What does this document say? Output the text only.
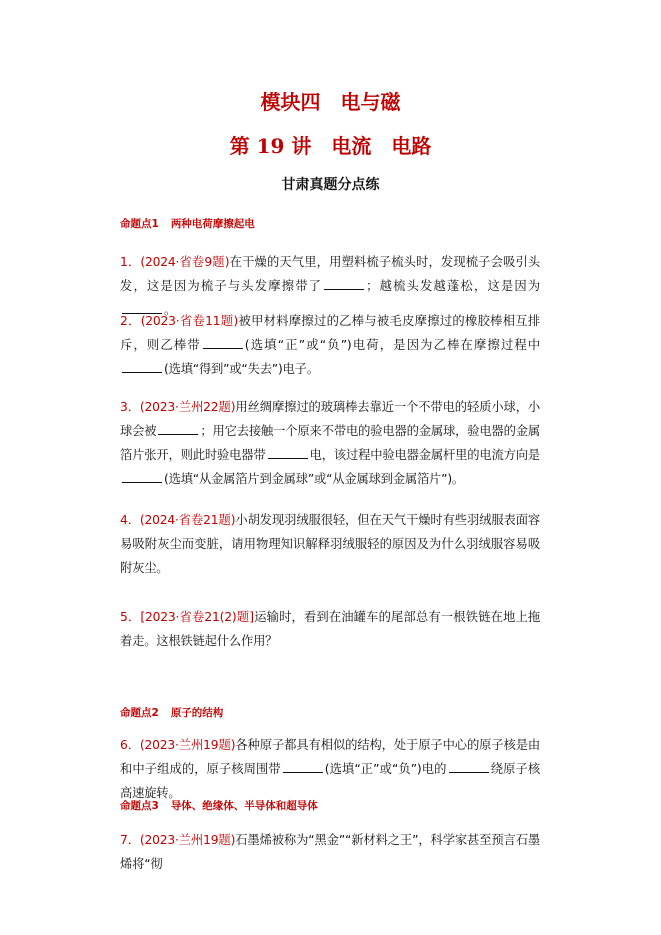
模块四　电与磁
第 19 讲　电流　电路
甘肃真题分点练
命题点1 两种电荷摩擦起电
1．(2024·省卷9题)在干燥的天气里，用塑料梳子梳头时，发现梳子会吸引头发，这是因为梳子与头发摩擦带了	；越梳头发越蓬松，这是因为。
2．(2023·省卷11题)被甲材料摩擦过的乙棒与被毛皮摩擦过的橡胶棒相互排斥，则乙棒带	(选填“正”或“负”)电荷，是因为乙棒在摩擦过程中(选填“得到”或“失去”)电子。
3．(2023·兰州22题)用丝绸摩擦过的玻璃棒去靠近一个不带电的轻质小球，小球会被	；用它去接触一个原来不带电的验电器的金属球，验电器的金属箔片张开，则此时验电器带	电，该过程中验电器金属杆里的电流方向是(选填“从金属箔片到金属球”或“从金属球到金属箔片”)。
4．(2024·省卷21题)小胡发现羽绒服很轻，但在天气干燥时有些羽绒服表面容易吸附灰尘而变脏，请用物理知识解释羽绒服轻的原因及为什么羽绒服容易吸附灰尘。
5．[2023·省卷21(2)题]运输时，看到在油罐车的尾部总有一根铁链在地上拖着走。这根铁链起什么作用？
命题点2 原子的结构
6．(2023·兰州19题)各种原子都具有相似的结构，处于原子中心的原子核是由和中子组成的，原子核周围带	(选填“正”或“负”)电的	绕原子核高速旋转。
命题点3 导体、绝缘体、半导体和超导体
7．(2023·兰州19题)石墨烯被称为“黑金”“新材料之王”，科学家甚至预言石墨烯将“彻
